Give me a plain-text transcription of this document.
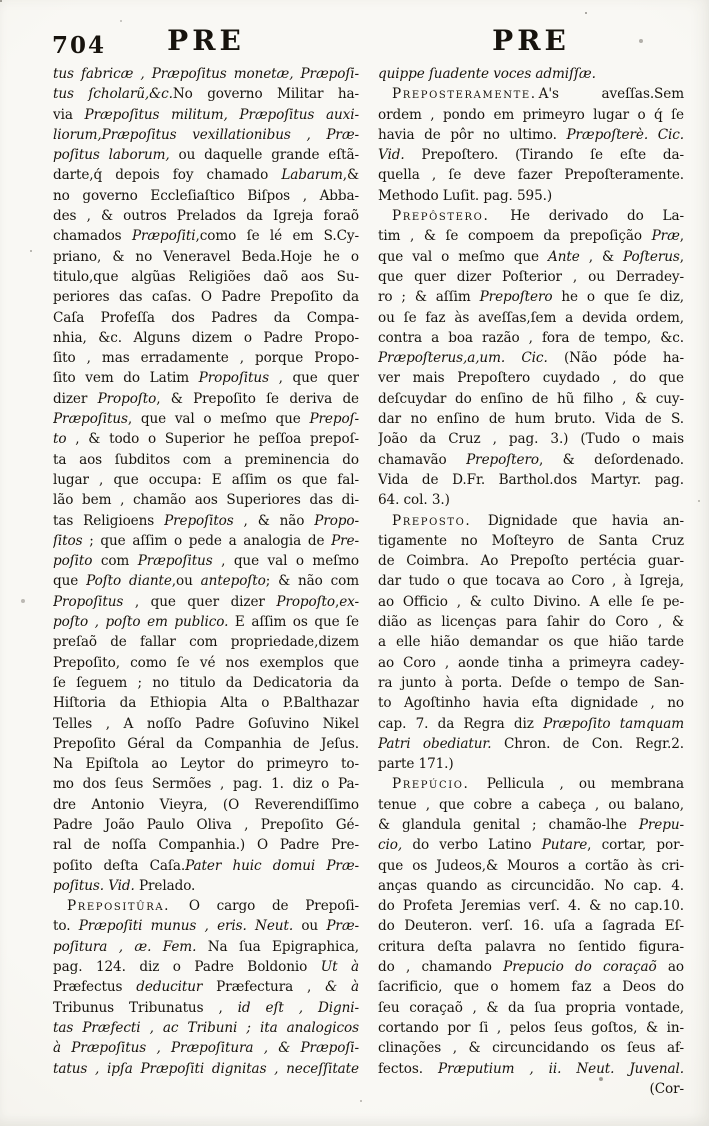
704	PRE	PRE
tus fabricæ , Præpoſitus monetæ, Præpoſi-
tus ſcholarũ,&c.No governo Militar ha-
via Præpoſitus militum, Præpoſitus auxi-
liorum,Præpoſitus vexillationibus , Præ-
poſitus laborum, ou daquelle grande eſtã-
darte,q́ depois foy chamado Labarum,&
no governo Eccleſiaſtico Biſpos , Abba-
des , & outros Prelados da Igreja foraõ
chamados Præpoſiti,como ſe lé em S.Cy-
priano, & no Veneravel Beda.Hoje he o
titulo,que algũas Religiões daõ aos Su-
periores das caſas. O Padre Prepoſito da
Caſa Profeſſa dos Padres da Compa-
nhia, &c. Alguns dizem o Padre Propo-
ſito , mas erradamente , porque Propo-
ſito vem do Latim Propoſitus , que quer
dizer Propoſto, & Prepoſito ſe deriva de
Præpoſitus, que val o meſmo que Prepoſ-
to , & todo o Superior he peſſoa prepoſ-
ta aos ſubditos com a preminencia do
lugar , que occupa: E aſſim os que fal-
lão bem , chamão aos Superiores das di-
tas Religioens Prepoſitos , & não Propo-
ſitos ; que aſſim o pede a analogia de Pre-
poſito com Præpoſitus , que val o meſmo
que Poſto diante,ou antepoſto; & não com
Propoſitus , que quer dizer Propoſto,ex-
poſto , poſto em publico. E aſſim os que ſe
preſaõ de fallar com propriedade,dizem
Prepoſito, como ſe vé nos exemplos que
ſe ſeguem ; no titulo da Dedicatoria da
Hiſtoria da Ethiopia Alta o P.Balthazar
Telles , A noſſo Padre Goſuvino Nikel
Prepoſito Géral da Companhia de Jeſus.
Na Epiſtola ao Leytor do primeyro to-
mo dos ſeus Sermões , pag. 1. diz o Pa-
dre Antonio Vieyra, (O Reverendiſſimo
Padre João Paulo Oliva , Prepoſito Gé-
ral de noſſa Companhia.) O Padre Pre-
poſito deſta Caſa.Pater huic domui Præ-
poſitus. Vid. Prelado.
Prepositûra. O cargo de Prepoſi-
to. Præpoſiti munus , eris. Neut. ou Præ-
poſitura , æ. Fem. Na ſua Epigraphica,
pag. 124. diz o Padre Boldonio Ut à
Præfectus deducitur Præfectura , & à
Tribunus Tribunatus , id eſt , Digni-
tas Præfecti , ac Tribuni ; ita analogicos
à Præpoſitus , Præpoſitura , & Præpoſi-
tatus , ipſa Præpoſiti dignitas , neceſſitate
quippe ſuadente voces admiſſæ.
Preposteramente. A's aveſſas.Sem
ordem , pondo em primeyro lugar o q́ ſe
havia de pôr no ultimo. Præpoſterè. Cic.
Vid. Prepoſtero. (Tirando ſe eſte da-
quella , ſe deve fazer Prepoſteramente.
Methodo Luſit. pag. 595.)
Prepôstero. He derivado do La-
tim , & ſe compoem da prepoſição Præ,
que val o meſmo que Ante , & Poſterus,
que quer dizer Poſterior , ou Derradey-
ro ; & aſſim Prepoſtero he o que ſe diz,
ou ſe faz às aveſſas,ſem a devida ordem,
contra a boa razão , fora de tempo, &c.
Præpoſterus,a,um. Cic. (Não póde ha-
ver mais Prepoſtero cuydado , do que
deſcuydar do enſino de hũ filho , & cuy-
dar no enſino de hum bruto. Vida de S.
João da Cruz , pag. 3.) (Tudo o mais
chamavão Prepoſtero, & deſordenado.
Vida de D.Fr. Barthol.dos Martyr. pag.
64. col. 3.)
Preposto. Dignidade que havia an-
tigamente no Moſteyro de Santa Cruz
de Coimbra. Ao Prepoſto pertécia guar-
dar tudo o que tocava ao Coro , à Igreja,
ao Officio , & culto Divino. A elle ſe pe-
dião as licenças para ſahir do Coro , &
a elle hião demandar os que hião tarde
ao Coro , aonde tinha a primeyra cadey-
ra junto à porta. Deſde o tempo de San-
to Agoſtinho havia eſta dignidade , no
cap. 7. da Regra diz Præpoſito tamquam
Patri obediatur. Chron. de Con. Regr.2.
parte 171.)
Prepúcio. Pellicula , ou membrana
tenue , que cobre a cabeça , ou balano,
& glandula genital ; chamão-lhe Prepu-
cio, do verbo Latino Putare, cortar, por-
que os Judeos,& Mouros a cortão às cri-
anças quando as circuncidão. No cap. 4.
do Profeta Jeremias verſ. 4. & no cap.10.
do Deuteron. verſ. 16. uſa a ſagrada Eſ-
critura deſta palavra no ſentido figura-
do , chamando Prepucio do coraçaõ ao
ſacrificio, que o homem faz a Deos do
ſeu coraçaõ , & da ſua propria vontade,
cortando por ſi , pelos ſeus goſtos, & in-
clinações , & circuncidando os ſeus af-
fectos. Præputium , ii. Neut. Juvenal.
(Cor-
